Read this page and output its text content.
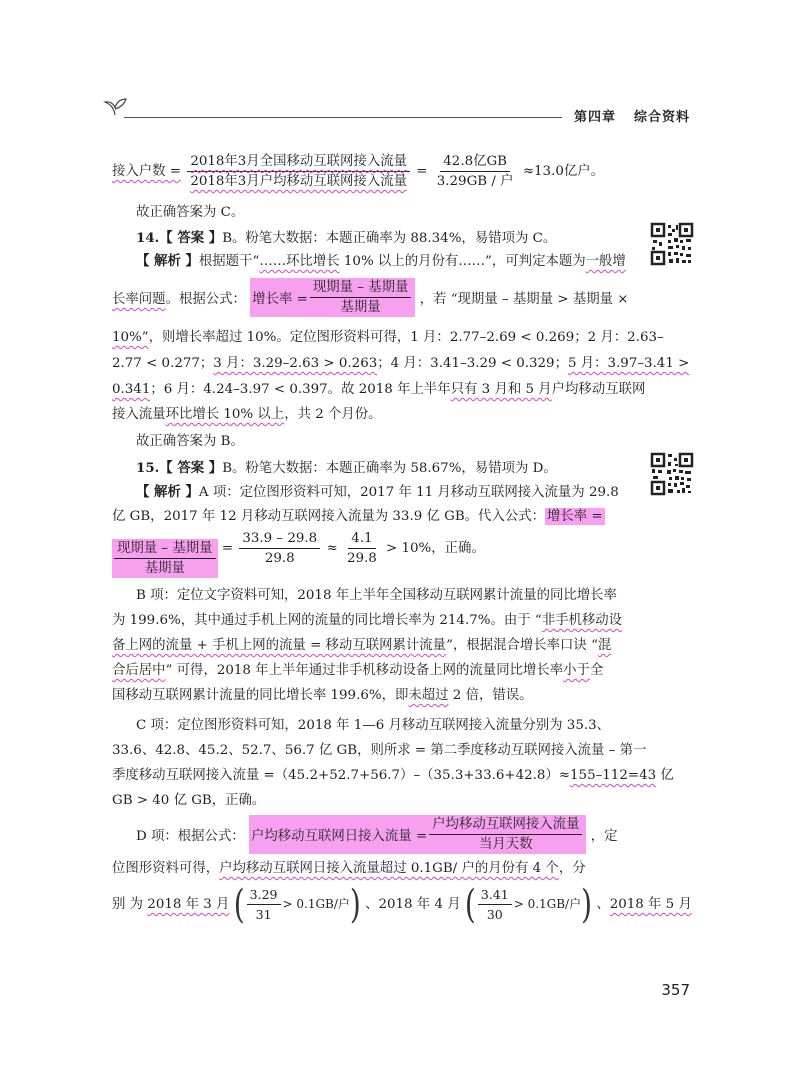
第四章 综合资料
接入户数 = $\frac{\text{2018年3月全国移动互联网接入流量}}{\text{2018年3月户均移动互联网接入流量}} = \frac{\text{42.8亿GB}}{\text{3.29GB / 户}} \approx 13.0$亿户。
故正确答案为 C。
14.【 答案 】B。粉笔大数据：本题正确率为 88.34%，易错项为 C。
【 解析 】根据题干“……环比增长 10% 以上的月份有……”，可判定本题为一般增
长率问题。根据公式： 增长率 = $\frac{\text{现期量 – 基期量}}{\text{基期量}}$ ，若 “现期量 – 基期量 > 基期量 ×
10%”，则增长率超过 10%。定位图形资料可得，1 月：2.77–2.69 < 0.269；2 月：2.63–
2.77 < 0.277；3 月：3.29–2.63 > 0.263；4 月：3.41–3.29 < 0.329；5 月：3.97–3.41 >
0.341；6 月：4.24–3.97 < 0.397。故 2018 年上半年只有 3 月和 5 月户均移动互联网
接入流量环比增长 10% 以上，共 2 个月份。
故正确答案为 B。
15.【 答案 】B。粉笔大数据：本题正确率为 58.67%，易错项为 D。
【 解析 】A 项：定位图形资料可知，2017 年 11 月移动互联网接入流量为 29.8
亿 GB，2017 年 12 月移动互联网接入流量为 33.9 亿 GB。代入公式： 增长率 =
$\frac{\text{现期量 – 基期量}}{\text{基期量}} = \frac{33.9 - 29.8}{29.8} \approx \frac{4.1}{29.8} > 10\%$，正确。
B 项：定位文字资料可知，2018 年上半年全国移动互联网累计流量的同比增长率
为 199.6%，其中通过手机上网的流量的同比增长率为 214.7%。由于 “非手机移动设
备上网的流量 + 手机上网的流量 = 移动互联网累计流量”，根据混合增长率口诀 “混
合后居中” 可得，2018 年上半年通过非手机移动设备上网的流量同比增长率小于全
国移动互联网累计流量的同比增长率 199.6%，即未超过 2 倍，错误。
C 项：定位图形资料可知，2018 年 1—6 月移动互联网接入流量分别为 35.3、
33.6、42.8、45.2、52.7、56.7 亿 GB，则所求 = 第二季度移动互联网接入流量 – 第一
季度移动互联网接入流量 =（45.2+52.7+56.7）–（35.3+33.6+42.8）≈155–112=43 亿
GB > 40 亿 GB，正确。
D 项：根据公式： 户均移动互联网日接入流量 = $\frac{\text{户均移动互联网接入流量}}{\text{当月天数}}$ ，定
位图形资料可得，户均移动互联网日接入流量超过 0.1GB/ 户的月份有 4 个，分
别 为 2018 年 3 月 ( $\frac{3.29}{31} > 0.1GB/$户) 、2018 年 4 月 ( $\frac{3.41}{30} > 0.1GB/$户) 、2018 年 5 月
357
